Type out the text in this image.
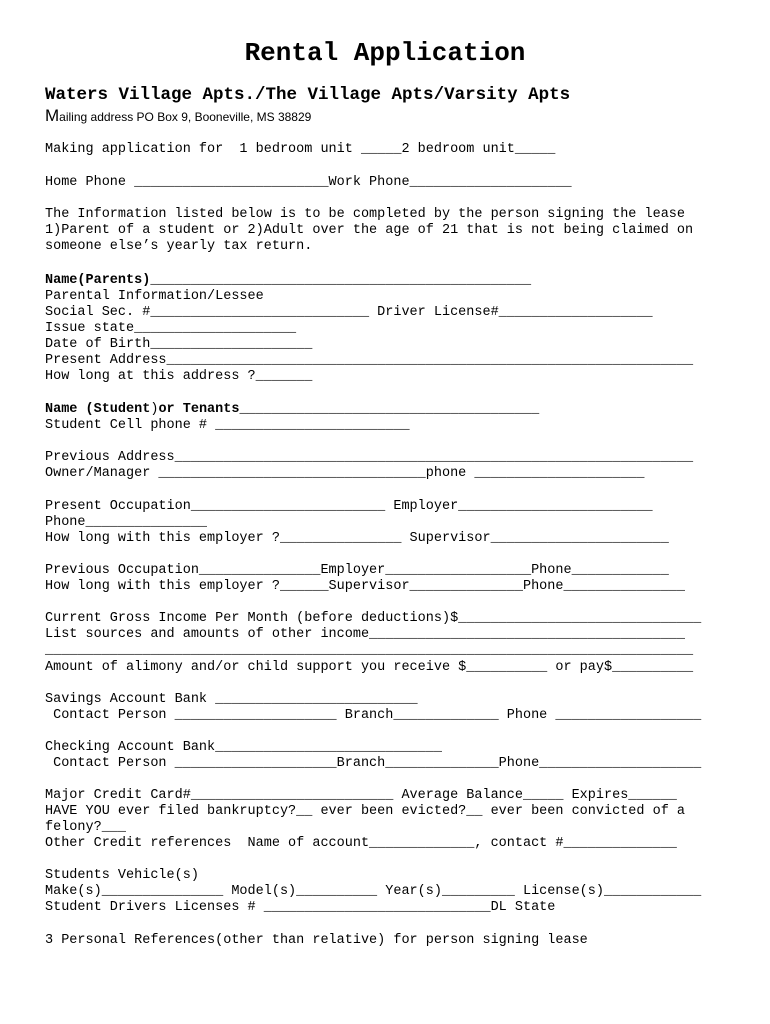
Rental Application
Waters Village Apts./The Village Apts/Varsity Apts
Mailing address PO Box 9, Booneville, MS 38829
Making application for  1 bedroom unit _____2 bedroom unit_____
Home Phone ________________________Work Phone____________________
The Information listed below is to be completed by the person signing the lease
1)Parent of a student or 2)Adult over the age of 21 that is not being claimed on
someone else’s yearly tax return.
Name(Parents)_______________________________________________
Parental Information/Lessee
Social Sec. #___________________________ Driver License#___________________
Issue state____________________
Date of Birth____________________
Present Address_________________________________________________________________
How long at this address ?_______
Name (Student)or Tenants_____________________________________
Student Cell phone # ________________________
Previous Address________________________________________________________________
Owner/Manager _________________________________phone _____________________
Present Occupation________________________ Employer________________________
Phone_______________
How long with this employer ?_______________ Supervisor______________________
Previous Occupation_______________Employer__________________Phone____________
How long with this employer ?______Supervisor______________Phone_______________
Current Gross Income Per Month (before deductions)$______________________________
List sources and amounts of other income_______________________________________
________________________________________________________________________________
Amount of alimony and/or child support you receive $__________ or pay$__________
Savings Account Bank _________________________
Contact Person ____________________ Branch_____________ Phone __________________
Checking Account Bank____________________________
Contact Person ____________________Branch______________Phone____________________
Major Credit Card#_________________________ Average Balance_____ Expires______
HAVE YOU ever filed bankruptcy?__ ever been evicted?__ ever been convicted of a
felony?___
Other Credit references  Name of account_____________, contact #______________
Students Vehicle(s)
Make(s)_______________ Model(s)__________ Year(s)_________ License(s)____________
Student Drivers Licenses # ____________________________DL State
3 Personal References(other than relative) for person signing lease
